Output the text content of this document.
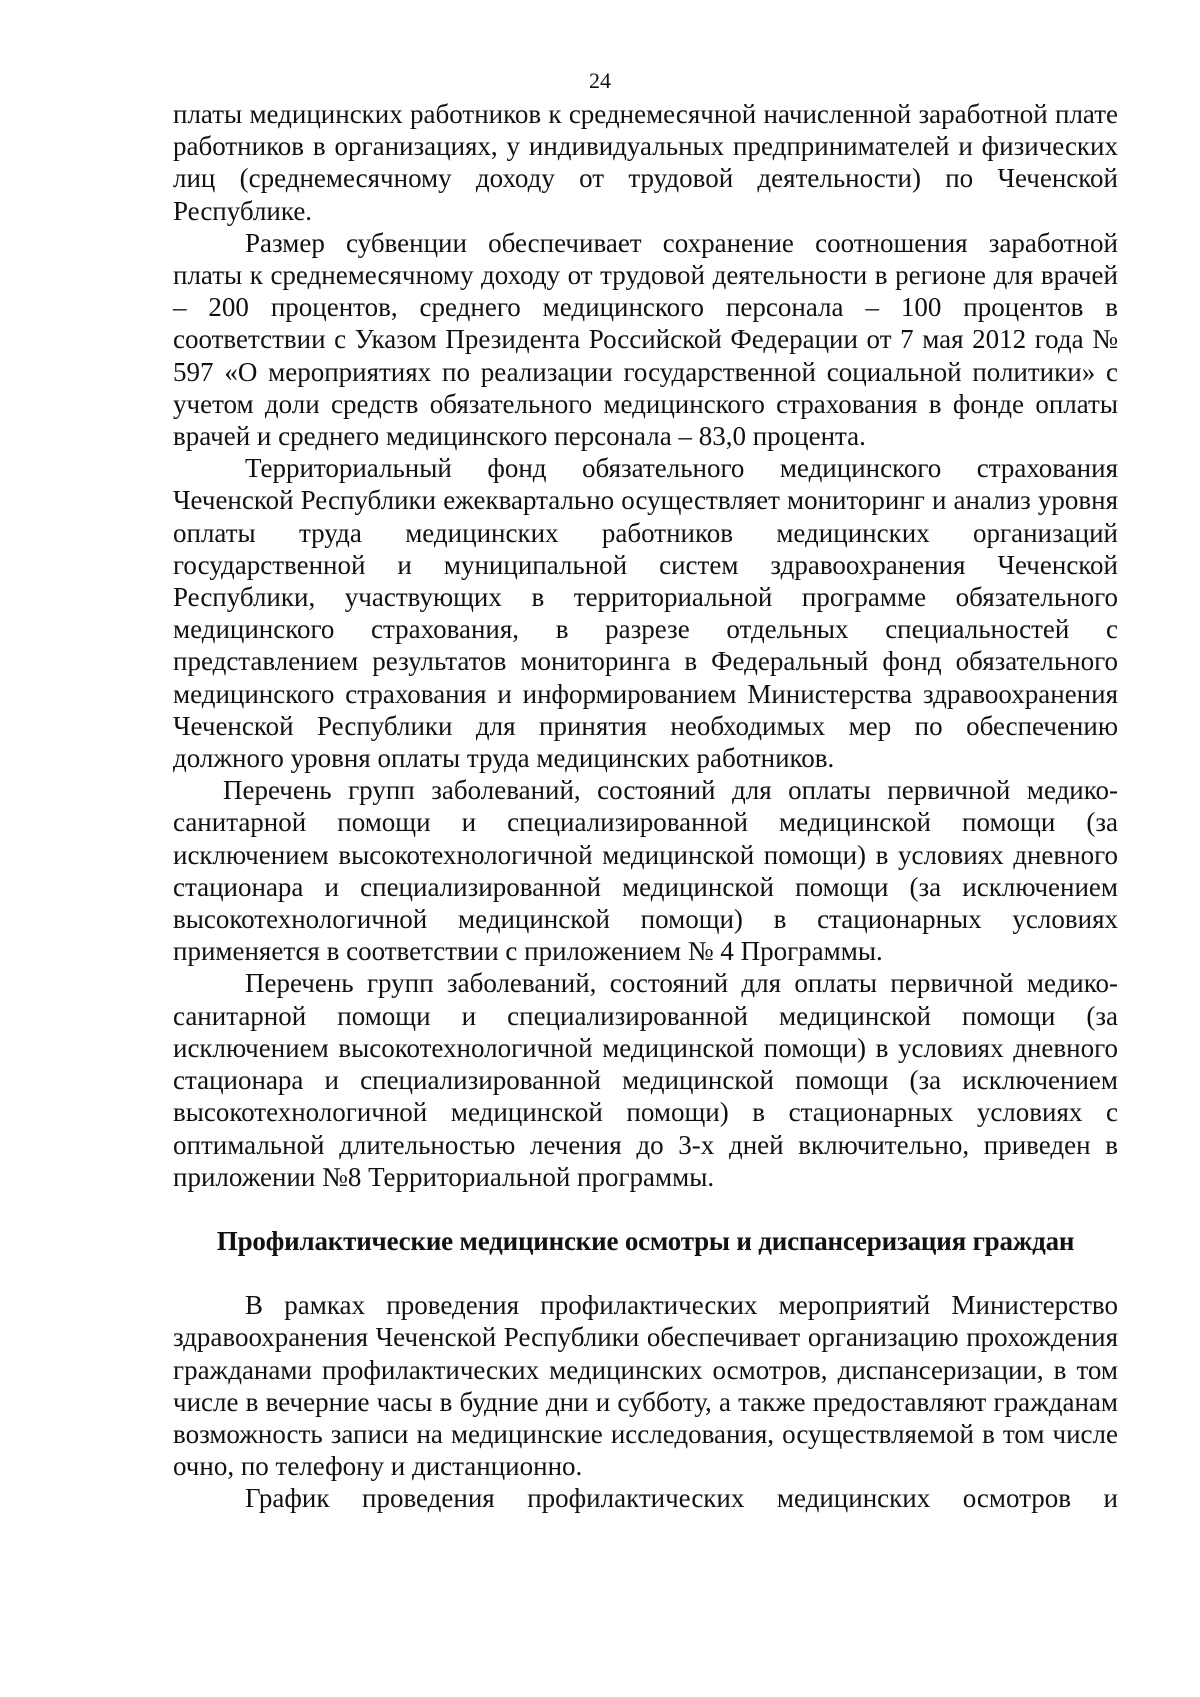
24

платы медицинских работников к среднемесячной начисленной заработной плате работников в организациях, у индивидуальных предпринимателей и физических лиц (среднемесячному доходу от трудовой деятельности) по Чеченской Республике.

Размер субвенции обеспечивает сохранение соотношения заработной платы к среднемесячному доходу от трудовой деятельности в регионе для врачей – 200 процентов, среднего медицинского персонала – 100 процентов в соответствии с Указом Президента Российской Федерации от 7 мая 2012 года № 597 «О мероприятиях по реализации государственной социальной политики» с учетом доли средств обязательного медицинского страхования в фонде оплаты врачей и среднего медицинского персонала – 83,0 процента.

Территориальный фонд обязательного медицинского страхования Чеченской Республики ежеквартально осуществляет мониторинг и анализ уровня оплаты труда медицинских работников медицинских организаций государственной и муниципальной систем здравоохранения Чеченской Республики, участвующих в территориальной программе обязательного медицинского страхования, в разрезе отдельных специальностей с представлением результатов мониторинга в Федеральный фонд обязательного медицинского страхования и информированием Министерства здравоохранения Чеченской Республики для принятия необходимых мер по обеспечению должного уровня оплаты труда медицинских работников.

Перечень групп заболеваний, состояний для оплаты первичной медико-санитарной помощи и специализированной медицинской помощи (за исключением высокотехнологичной медицинской помощи) в условиях дневного стационара и специализированной медицинской помощи (за исключением высокотехнологичной медицинской помощи) в стационарных условиях применяется в соответствии с приложением № 4 Программы.

Перечень групп заболеваний, состояний для оплаты первичной медико-санитарной помощи и специализированной медицинской помощи (за исключением высокотехнологичной медицинской помощи) в условиях дневного стационара и специализированной медицинской помощи (за исключением высокотехнологичной медицинской помощи) в стационарных условиях с оптимальной длительностью лечения до 3-х дней включительно, приведен в приложении №8 Территориальной программы.

Профилактические медицинские осмотры и диспансеризация граждан

В рамках проведения профилактических мероприятий Министерство здравоохранения Чеченской Республики обеспечивает организацию прохождения гражданами профилактических медицинских осмотров, диспансеризации, в том числе в вечерние часы в будние дни и субботу, а также предоставляют гражданам возможность записи на медицинские исследования, осуществляемой в том числе очно, по телефону и дистанционно.

График проведения профилактических медицинских осмотров и
